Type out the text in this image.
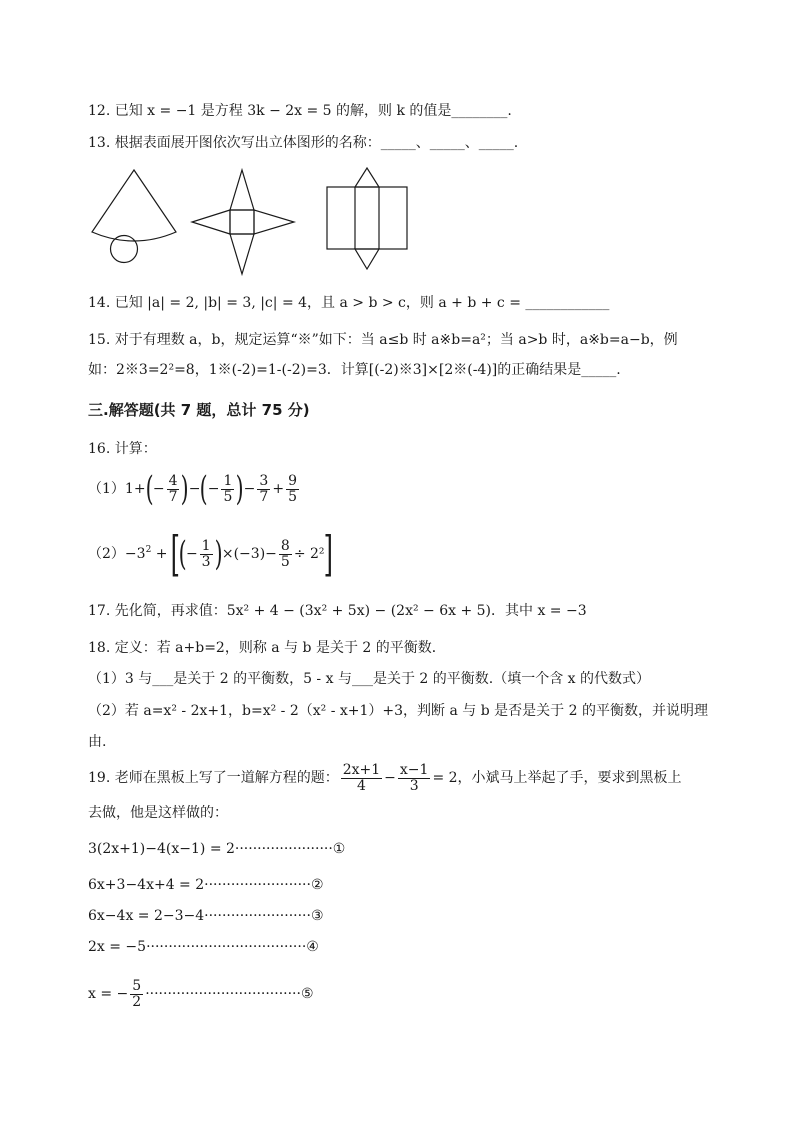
12. 已知 x = −1 是方程 3k − 2x = 5 的解，则 k 的值是________.
13. 根据表面展开图依次写出立体图形的名称：_____、_____、_____.
14. 已知 |a| = 2, |b| = 3, |c| = 4，且 a > b > c，则 a + b + c = ____________
15. 对于有理数 a，b，规定运算“※”如下：当 a≤b 时 a※b=a²；当 a>b 时，a※b=a−b，例
如：2※3=2²=8，1※(-2)=1-(-2)=3．计算[(-2)※3]×[2※(-4)]的正确结果是_____.
三.解答题(共 7 题，总计 75 分)
16. 计算：
$(1)1+(- \frac{4}{7}$ )−(− $\frac{1}{5}$ )− $\frac{3}{7} + \frac{9}{5}$
$(2)-3^2$ + [(− $\frac{1}{3} )\times(-3)- \frac{8}{5} \div 2^2$]
17. 先化简，再求值：5x² + 4 − (3x² + 5x) − (2x² − 6x + 5)．其中 x = −3
18. 定义：若 a+b=2，则称 a 与 b 是关于 2 的平衡数．
（1）3 与___是关于 2 的平衡数，5 - x 与___是关于 2 的平衡数.（填一个含 x 的代数式）
（2）若 a=x² - 2x+1，b=x² - 2（x² - x+1）+3，判断 a 与 b 是否是关于 2 的平衡数，并说明理
由.
19. 老师在黑板上写了一道解方程的题： $\frac{2x+1}{4} - \frac{x-1}{3} = 2$，小斌马上举起了手，要求到黑板上
去做，他是这样做的：
3(2x+1)−4(x−1) = 2······················①
6x+3−4x+4 = 2························②
6x−4x = 2−3−4························③
2x = −5····································④
x = − $\frac{5}{2}$ ···································⑤
